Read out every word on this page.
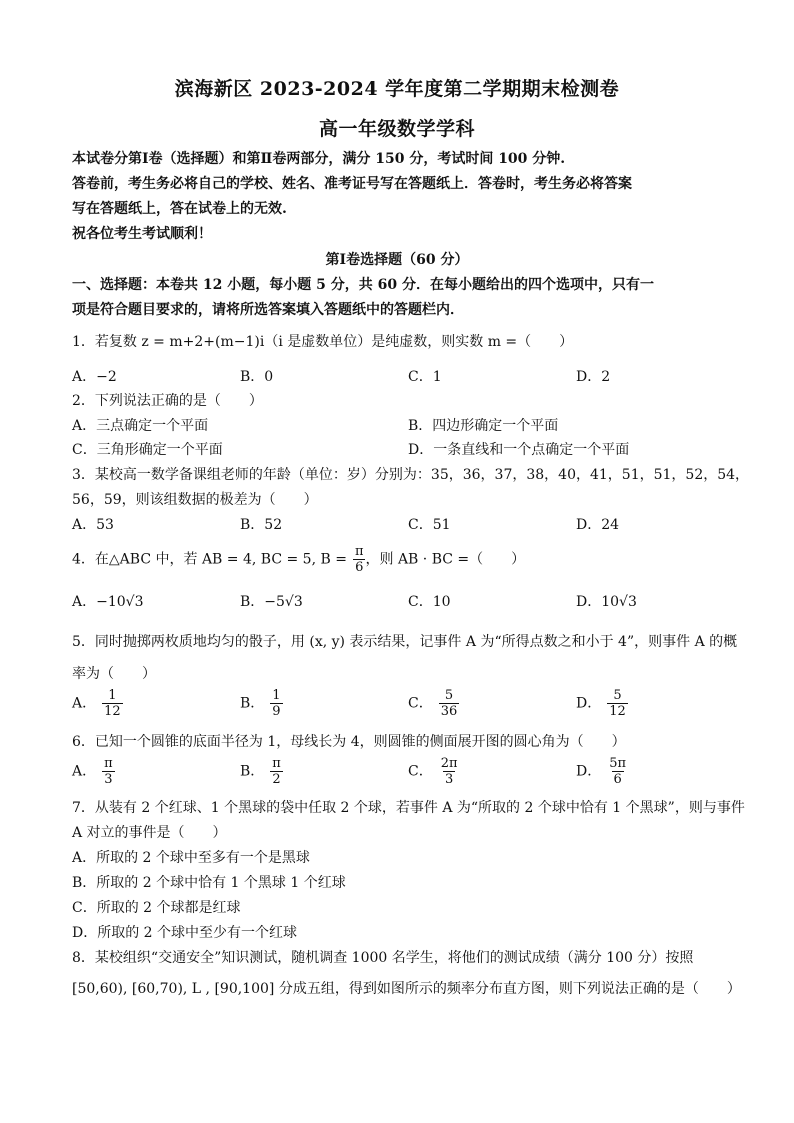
滨海新区 2023-2024 学年度第二学期期末检测卷
高一年级数学学科
本试卷分第Ⅰ卷（选择题）和第Ⅱ卷两部分，满分 150 分，考试时间 100 分钟.
答卷前，考生务必将自己的学校、姓名、准考证号写在答题纸上．答卷时，考生务必将答案
写在答题纸上，答在试卷上的无效.
祝各位考生考试顺利！
第Ⅰ卷选择题（60 分）
一、选择题：本卷共 12 小题，每小题 5 分，共 60 分．在每小题给出的四个选项中，只有一
项是符合题目要求的，请将所选答案填入答题纸中的答题栏内．
1．若复数 z = m+2+(m−1)i（i 是虚数单位）是纯虚数，则实数 m =（　　）
A．−2	B．0	C．1	D．2
2．下列说法正确的是（　　）
A．三点确定一个平面	B．四边形确定一个平面
C．三角形确定一个平面	D．一条直线和一个点确定一个平面
3．某校高一数学备课组老师的年龄（单位：岁）分别为：35，36，37，38，40，41，51，51，52，54，
56，59，则该组数据的极差为（　　）
A．53	B．52	C．51	D．24
4．在△ABC 中，若 AB = 4, BC = 5, $B = \frac{\pi}{6}$ ，则 AB · BC =（　　）
A．−10√3	B．−5√3	C．10	D．10√3
5．同时抛掷两枚质地均匀的骰子，用 (x, y) 表示结果，记事件 A 为“所得点数之和小于 4”，则事件 A 的概
率为（　　）
A． $\frac{1}{12}$	B． $\frac{1}{9}$	C． $\frac{5}{36}$	D． $\frac{5}{12}$
6．已知一个圆锥的底面半径为 1，母线长为 4，则圆锥的侧面展开图的圆心角为（　　）
A． $\frac{\pi}{3}$	B． $\frac{\pi}{2}$	C． $\frac{2\pi}{3}$	D． $\frac{5\pi}{6}$
7．从装有 2 个红球、1 个黑球的袋中任取 2 个球，若事件 A 为“所取的 2 个球中恰有 1 个黑球”，则与事件
A 对立的事件是（　　）
A．所取的 2 个球中至多有一个是黑球
B．所取的 2 个球中恰有 1 个黑球 1 个红球
C．所取的 2 个球都是红球
D．所取的 2 个球中至少有一个红球
8．某校组织“交通安全”知识测试，随机调查 1000 名学生，将他们的测试成绩（满分 100 分）按照
[50,60), [60,70), L , [90,100] 分成五组，得到如图所示的频率分布直方图，则下列说法正确的是（　　）
